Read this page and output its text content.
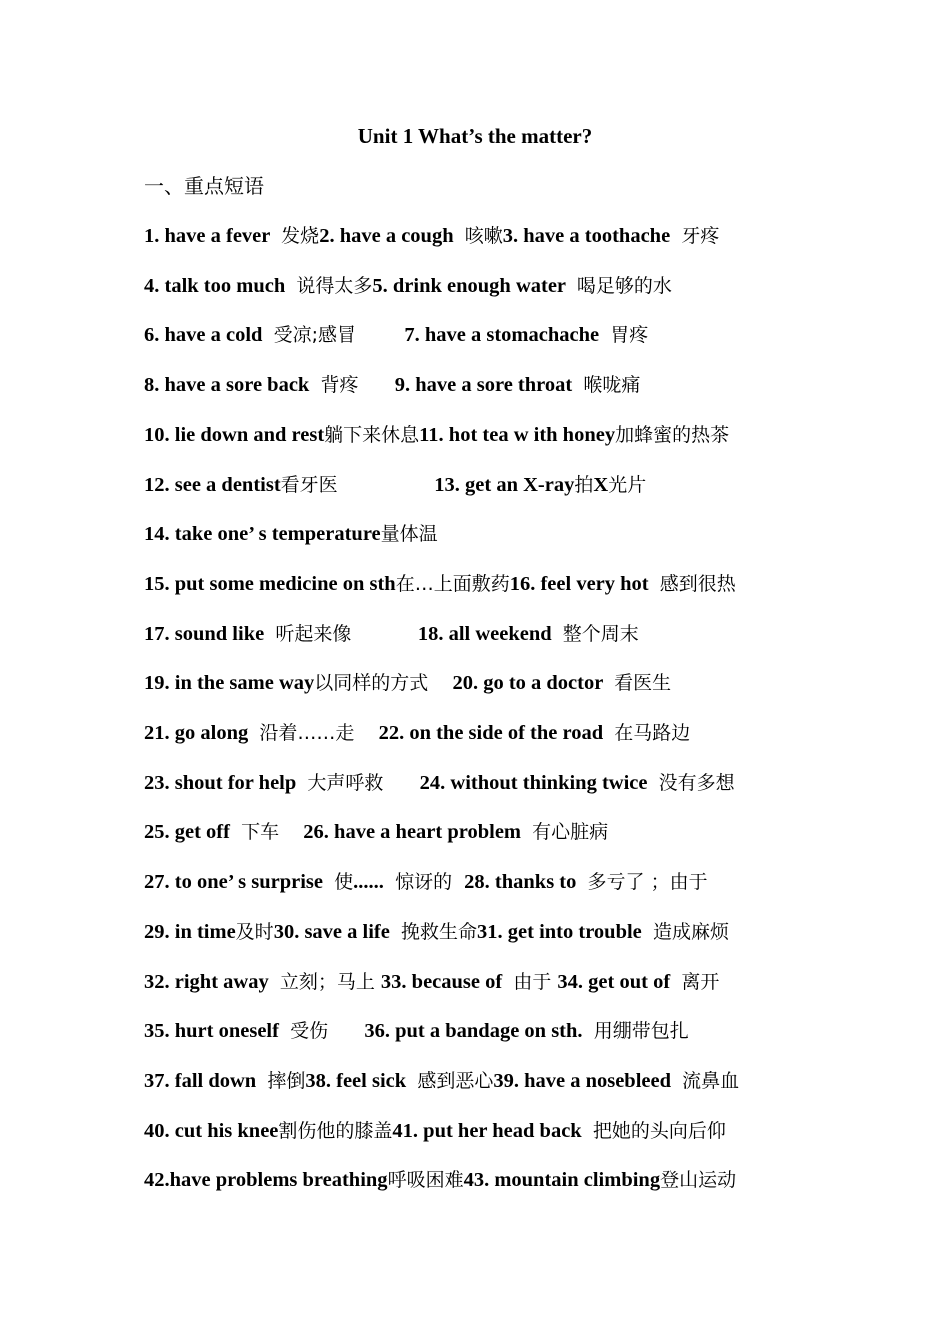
Unit 1 What’s the matter?
一、重点短语
1. have a fever  发烧2. have a cough  咳嗽3. have a toothache  牙疼
4. talk too much  说得太多5. drink enough water  喝足够的水
6. have a cold  受凉;感冒        7. have a stomachache  胃疼
8. have a sore back  背疼      9. have a sore throat  喉咙痛
10. lie down and rest躺下来休息11. hot tea w ith honey加蜂蜜的热茶
12. see a dentist看牙医                13. get an X-ray拍X光片
14. take one’ s temperature量体温
15. put some medicine on sth在…上面敷药16. feel very hot  感到很热
17. sound like  听起来像           18. all weekend  整个周末
19. in the same way以同样的方式    20. go to a doctor  看医生
21. go along  沿着……走    22. on the side of the road  在马路边
23. shout for help  大声呼救      24. without thinking twice  没有多想
25. get off  下车    26. have a heart problem  有心脏病
27. to one’ s surprise  使......  惊讶的  28. thanks to  多亏了 ；由于
29. in time及时30. save a life  挽救生命31. get into trouble  造成麻烦
32. right away  立刻；马上 33. because of  由于 34. get out of  离开
35. hurt oneself  受伤      36. put a bandage on sth.  用绷带包扎
37. fall down  摔倒38. feel sick  感到恶心39. have a nosebleed  流鼻血
40. cut his knee割伤他的膝盖41. put her head back  把她的头向后仰
42.have problems breathing呼吸困难43. mountain climbing登山运动
